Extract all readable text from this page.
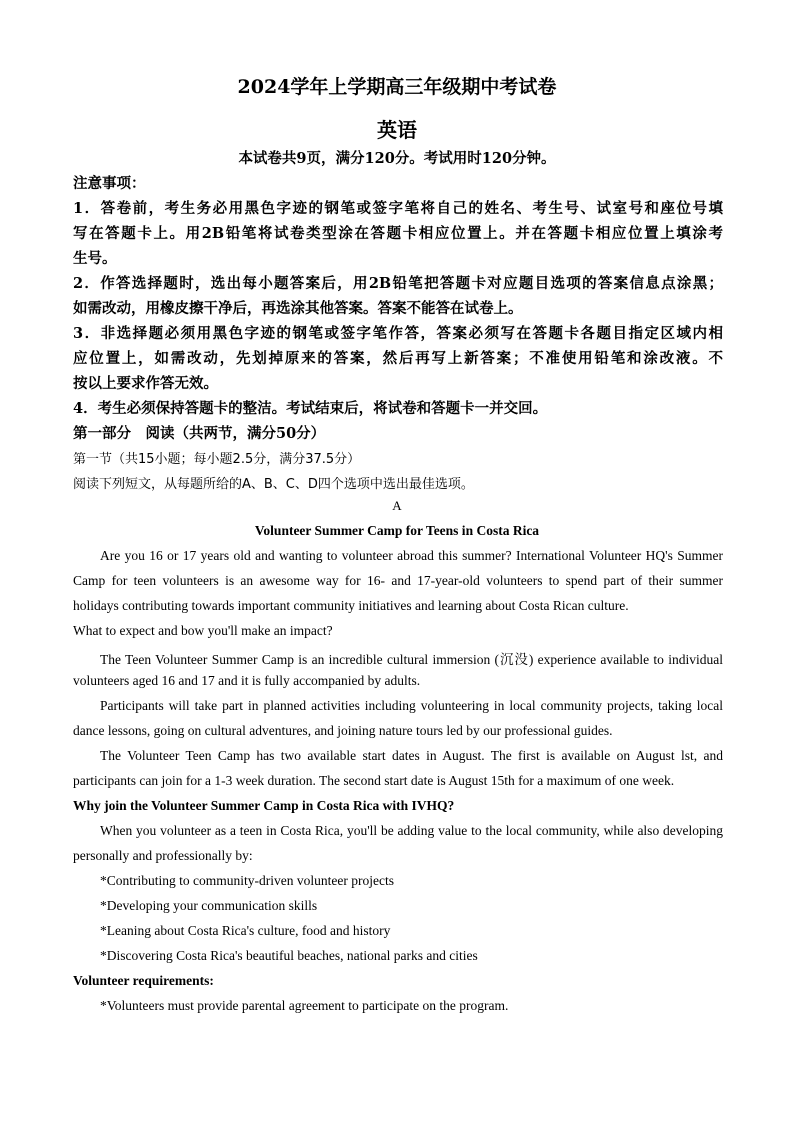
2024学年上学期高三年级期中考试卷

英语

本试卷共9页，满分120分。考试用时120分钟。

注意事项：

1．答卷前，考生务必用黑色字迹的钢笔或签字笔将自己的姓名、考生号、试室号和座位号填

写在答题卡上。用2B铅笔将试卷类型涂在答题卡相应位置上。并在答题卡相应位置上填涂考

生号。

2．作答选择题时，选出每小题答案后，用2B铅笔把答题卡对应题目选项的答案信息点涂黑；

如需改动，用橡皮擦干净后，再选涂其他答案。答案不能答在试卷上。

3．非选择题必须用黑色字迹的钢笔或签字笔作答，答案必须写在答题卡各题目指定区域内相

应位置上，如需改动，先划掉原来的答案，然后再写上新答案；不准使用铅笔和涂改液。不

按以上要求作答无效。

4．考生必须保持答题卡的整洁。考试结束后，将试卷和答题卡一并交回。

第一部分　阅读（共两节，满分50分）

第一节（共15小题；每小题2.5分，满分37.5分）

阅读下列短文，从每题所给的A、B、C、D四个选项中选出最佳选项。

A

Volunteer Summer Camp for Teens in Costa Rica

Are you 16 or 17 years old and wanting to volunteer abroad this summer? International Volunteer HQ's Summer

Camp for teen volunteers is an awesome way for 16- and 17-year-old volunteers to spend part of their summer

holidays contributing towards important community initiatives and learning about Costa Rican culture.

What to expect and bow you'll make an impact?

The Teen Volunteer Summer Camp is an incredible cultural immersion (沉没) experience available to individual

volunteers aged 16 and 17 and it is fully accompanied by adults.

Participants will take part in planned activities including volunteering in local community projects, taking local

dance lessons, going on cultural adventures, and joining nature tours led by our professional guides.

The Volunteer Teen Camp has two available start dates in August. The first is available on August lst, and

participants can join for a 1-3 week duration. The second start date is August 15th for a maximum of one week.

Why join the Volunteer Summer Camp in Costa Rica with IVHQ?

When you volunteer as a teen in Costa Rica, you'll be adding value to the local community, while also developing

personally and professionally by:

*Contributing to community-driven volunteer projects

*Developing your communication skills

*Leaning about Costa Rica's culture, food and history

*Discovering Costa Rica's beautiful beaches, national parks and cities

Volunteer requirements:

*Volunteers must provide parental agreement to participate on the program.
